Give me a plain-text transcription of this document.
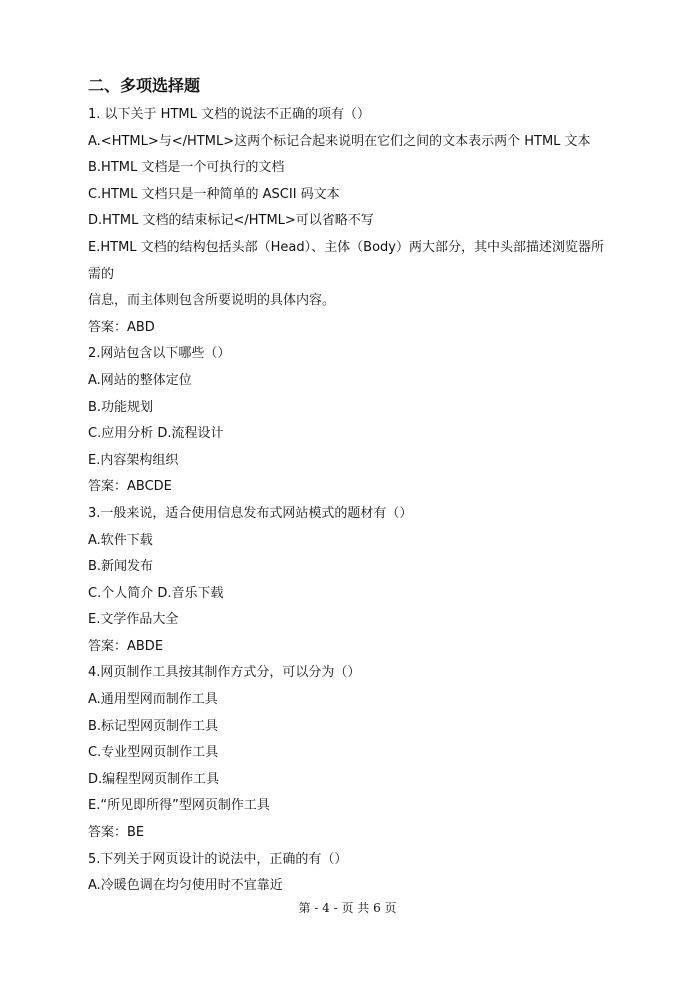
二、多项选择题
1. 以下关于 HTML 文档的说法不正确的项有（）
A.<HTML>与</HTML>这两个标记合起来说明在它们之间的文本表示两个 HTML 文本
B.HTML 文档是一个可执行的文档
C.HTML 文档只是一种简单的 ASCII 码文本
D.HTML 文档的结束标记</HTML>可以省略不写
E.HTML 文档的结构包括头部（Head）、主体（Body）两大部分，其中头部描述浏览器所
需的
信息，而主体则包含所要说明的具体内容。
答案：ABD
2.网站包含以下哪些（）
A.网站的整体定位
B.功能规划
C.应用分析 D.流程设计
E.内容架构组织
答案：ABCDE
3.一般来说，适合使用信息发布式网站模式的题材有（）
A.软件下载
B.新闻发布
C.个人简介 D.音乐下载
E.文学作品大全
答案：ABDE
4.网页制作工具按其制作方式分，可以分为（）
A.通用型网而制作工具
B.标记型网页制作工具
C.专业型网页制作工具
D.编程型网页制作工具
E.“所见即所得”型网页制作工具
答案：BE
5.下列关于网页设计的说法中，正确的有（）
A.冷暖色调在均匀使用时不宜靠近
第 - 4 - 页 共 6 页
